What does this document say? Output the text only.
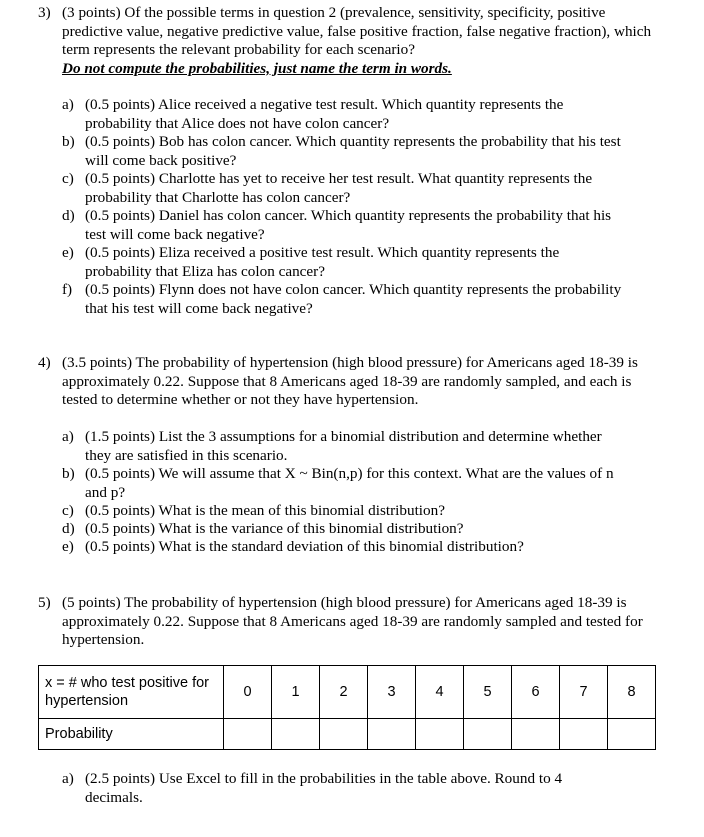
3) (3 points) Of the possible terms in question 2 (prevalence, sensitivity, specificity, positive predictive value, negative predictive value, false positive fraction, false negative fraction), which term represents the relevant probability for each scenario?
Do not compute the probabilities, just name the term in words.
a) (0.5 points) Alice received a negative test result. Which quantity represents the probability that Alice does not have colon cancer?
b) (0.5 points) Bob has colon cancer. Which quantity represents the probability that his test will come back positive?
c) (0.5 points) Charlotte has yet to receive her test result. What quantity represents the probability that Charlotte has colon cancer?
d) (0.5 points) Daniel has colon cancer. Which quantity represents the probability that his test will come back negative?
e) (0.5 points) Eliza received a positive test result. Which quantity represents the probability that Eliza has colon cancer?
f) (0.5 points) Flynn does not have colon cancer. Which quantity represents the probability that his test will come back negative?
4) (3.5 points) The probability of hypertension (high blood pressure) for Americans aged 18-39 is approximately 0.22. Suppose that 8 Americans aged 18-39 are randomly sampled, and each is tested to determine whether or not they have hypertension.
a) (1.5 points) List the 3 assumptions for a binomial distribution and determine whether they are satisfied in this scenario.
b) (0.5 points) We will assume that X ~ Bin(n,p) for this context. What are the values of n and p?
c) (0.5 points) What is the mean of this binomial distribution?
d) (0.5 points) What is the variance of this binomial distribution?
e) (0.5 points) What is the standard deviation of this binomial distribution?
5) (5 points) The probability of hypertension (high blood pressure) for Americans aged 18-39 is approximately 0.22. Suppose that 8 Americans aged 18-39 are randomly sampled and tested for hypertension.
x = # who test positive for hypertension	0	1	2	3	4	5	6	7	8
Probability									
a) (2.5 points) Use Excel to fill in the probabilities in the table above. Round to 4 decimals.
